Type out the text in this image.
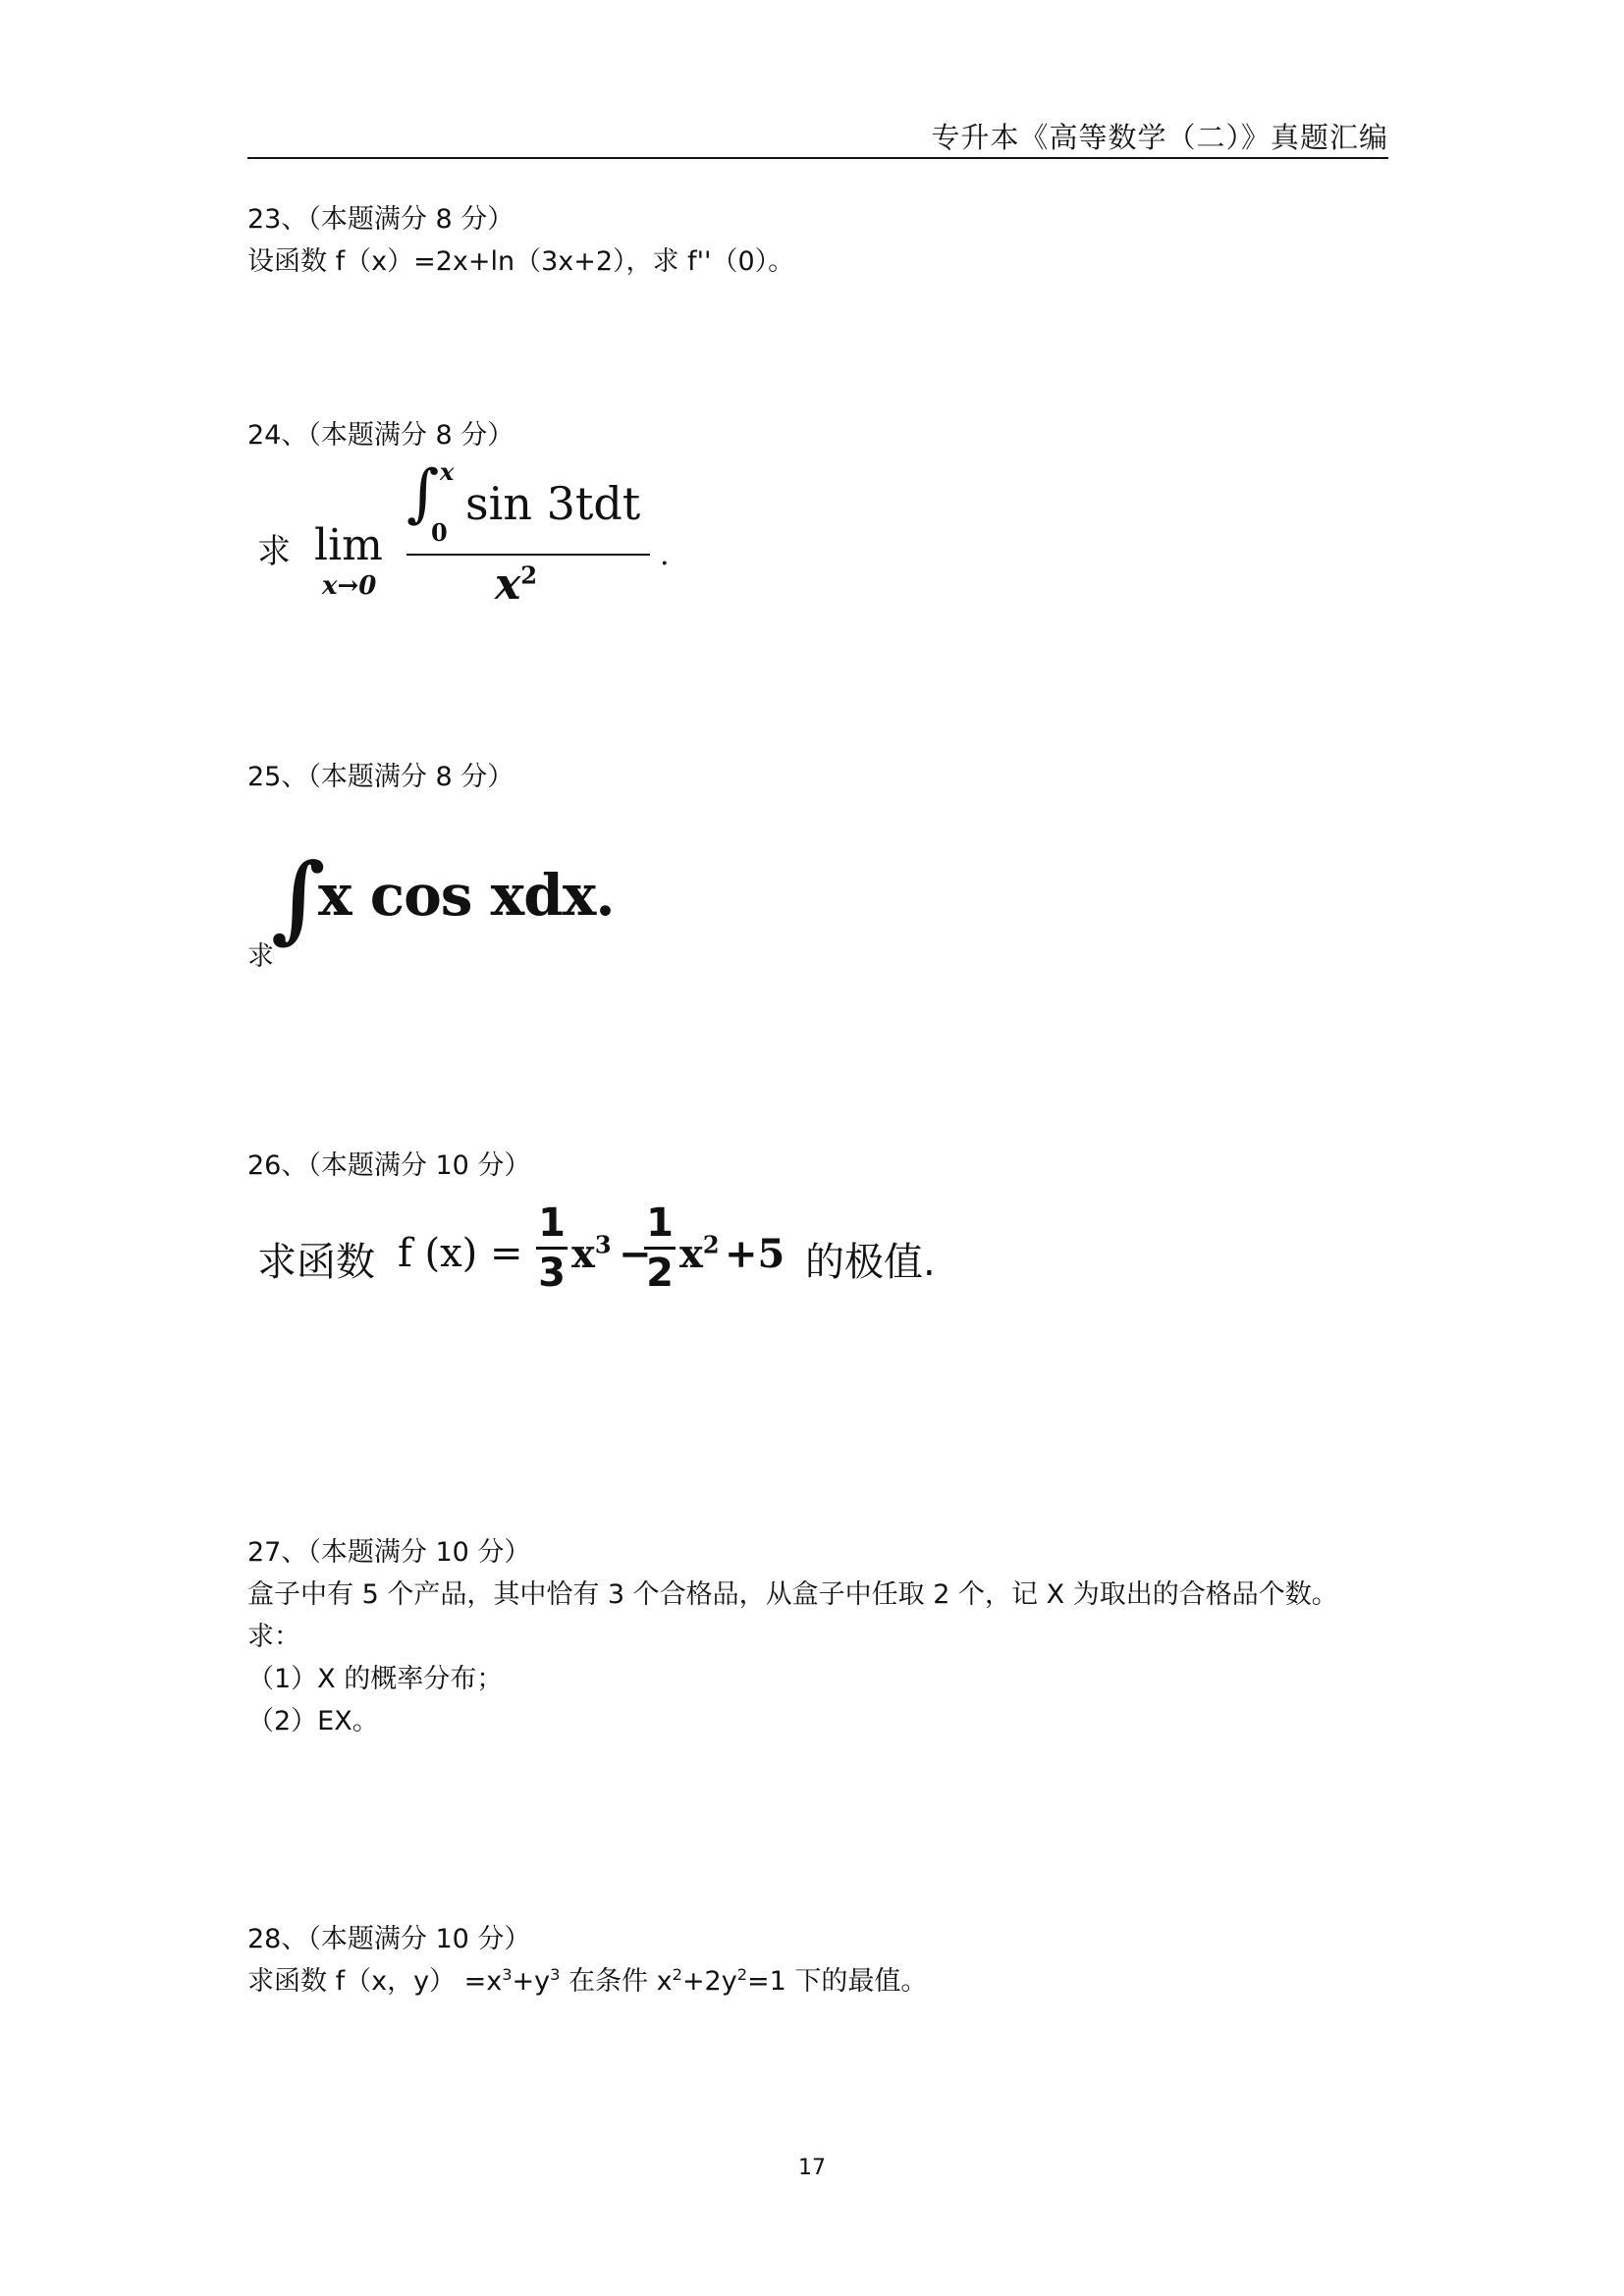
专升本《高等数学（二）》真题汇编
23、（本题满分 8 分）
设函数 f（x）=2x+ln（3x+2），求 f''（0）。
24、（本题满分 8 分）
求 lim
x→0
∫ x
0
sin 3tdt
$x^2$
.
25、（本题满分 8 分）
求
∫
x cos xdx.
26、（本题满分 10 分）
求函数 f (x) =
1
3 $x^3$ −
1
2 $x^2 +5$ 的极值.
27、（本题满分 10 分）
盒子中有 5 个产品，其中恰有 3 个合格品，从盒子中任取 2 个，记 X 为取出的合格品个数。
求：
（1）X 的概率分布；
（2）EX。
28、（本题满分 10 分）
求函数 f（x，$y) =x^3+y^3$ 在条件 $x^2+2y^2=1$ 下的最值。
17
